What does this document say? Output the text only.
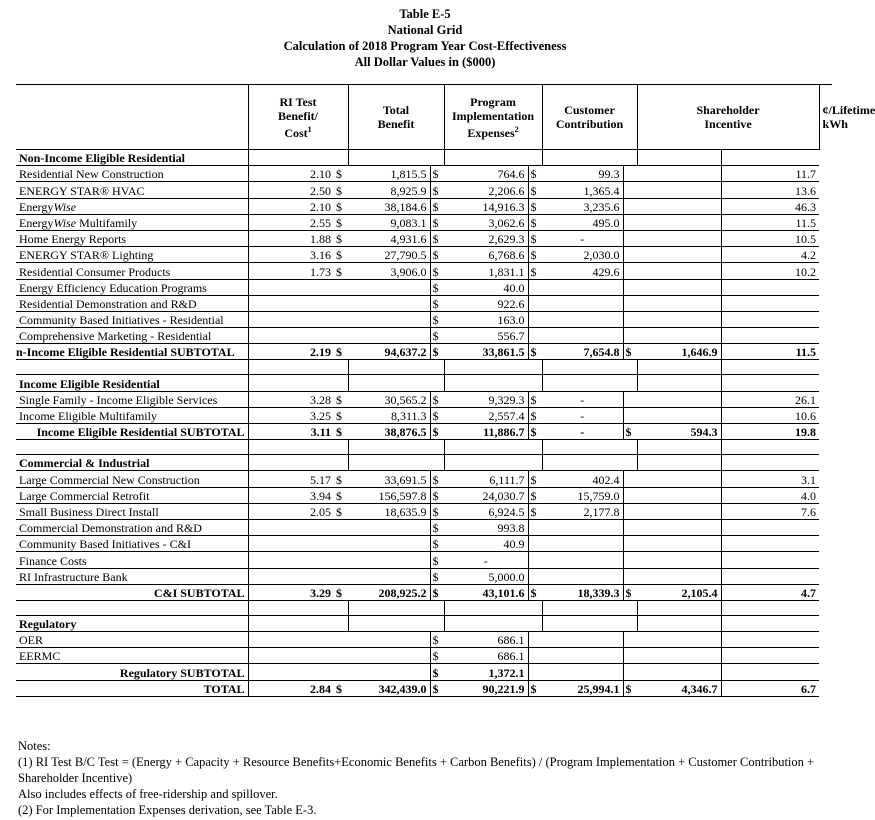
Table E-5
National Grid
Calculation of 2018 Program Year Cost-Effectiveness
All Dollar Values in ($000)
	RI Test
Benefit/
Cost$^1$		Total
Benefit		Program
Implementation
Expenses$^2$		Customer
Contribution		Shareholder
Incentive		¢/Lifetime
kWh
Non-Income Eligible Residential											
Residential New Construction	2.10	$	1,815.5	$	764.6	$	99.3			11.7	
ENERGY STAR® HVAC	2.50	$	8,925.9	$	2,206.6	$	1,365.4			13.6	
EnergyWise	2.10	$	38,184.6	$	14,916.3	$	3,235.6			46.3	
EnergyWise Multifamily	2.55	$	9,083.1	$	3,062.6	$	495.0			11.5	
Home Energy Reports	1.88	$	4,931.6	$	2,629.3	$	-			10.5	
ENERGY STAR® Lighting	3.16	$	27,790.5	$	6,768.6	$	2,030.0			4.2	
Residential Consumer Products	1.73	$	3,906.0	$	1,831.1	$	429.6			10.2	
Energy Efficiency Education Programs				$	40.0						
Residential Demonstration and R&D				$	922.6						
Community Based Initiatives - Residential				$	163.0						
Comprehensive Marketing - Residential				$	556.7						
n-Income Eligible Residential SUBTOTAL	2.19	$	94,637.2	$	33,861.5	$	7,654.8	$	1,646.9	11.5	

Income Eligible Residential											
Single Family - Income Eligible Services	3.28	$	30,565.2	$	9,329.3	$	-			26.1	
Income Eligible Multifamily	3.25	$	8,311.3	$	2,557.4	$	-			10.6	
Income Eligible Residential SUBTOTAL	3.11	$	38,876.5	$	11,886.7	$	-	$	594.3	19.8	

Commercial & Industrial											
Large Commercial New Construction	5.17	$	33,691.5	$	6,111.7	$	402.4			3.1	
Large Commercial Retrofit	3.94	$	156,597.8	$	24,030.7	$	15,759.0			4.0	
Small Business Direct Install	2.05	$	18,635.9	$	6,924.5	$	2,177.8			7.6	
Commercial Demonstration and R&D				$	993.8						
Community Based Initiatives - C&I				$	40.9						
Finance Costs				$	-						
RI Infrastructure Bank				$	5,000.0						
C&I SUBTOTAL	3.29	$	208,925.2	$	43,101.6	$	18,339.3	$	2,105.4	4.7	

Regulatory											
OER				$	686.1						
EERMC				$	686.1						
Regulatory SUBTOTAL				$	1,372.1						
TOTAL	2.84	$	342,439.0	$	90,221.9	$	25,994.1	$	4,346.7	6.7	

Notes:

(1) RI Test B/C Test = (Energy + Capacity + Resource Benefits+Economic Benefits + Carbon Benefits) / (Program Implementation + Customer Contribution + Shareholder Incentive)

Also includes effects of free-ridership and spillover.

(2) For Implementation Expenses derivation, see Table E-3.
